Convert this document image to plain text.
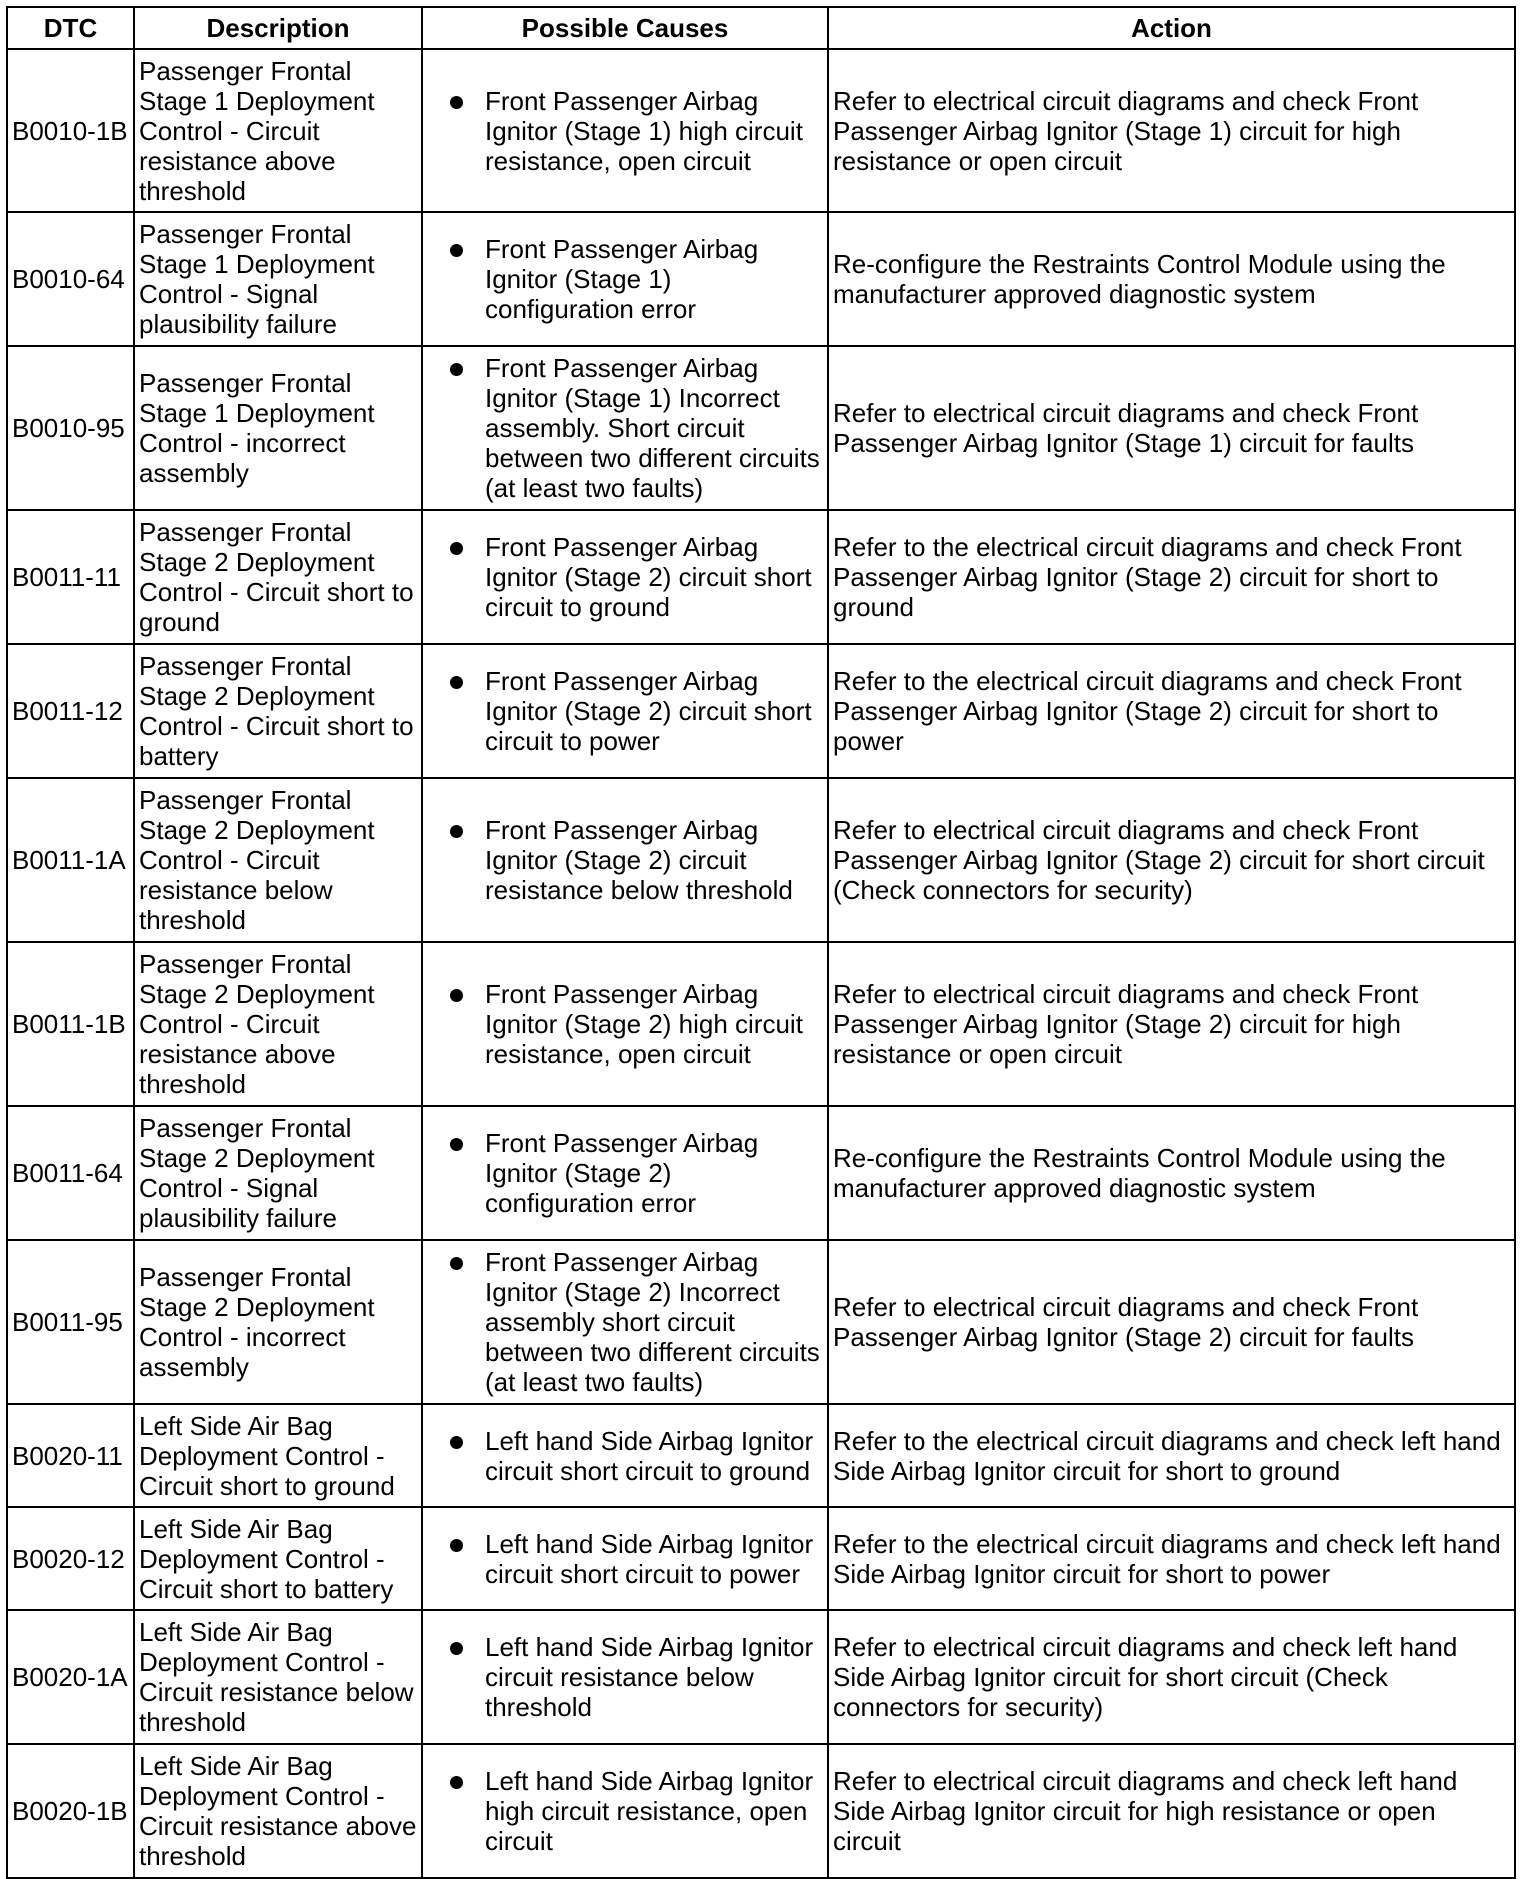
DTC	Description	Possible Causes	Action
B0010-1B	Passenger Frontal Stage 1 Deployment Control - Circuit resistance above threshold	Front Passenger Airbag Ignitor (Stage 1) high circuit resistance, open circuit	Refer to electrical circuit diagrams and check Front Passenger Airbag Ignitor (Stage 1) circuit for high resistance or open circuit
B0010-64	Passenger Frontal Stage 1 Deployment Control - Signal plausibility failure	Front Passenger Airbag Ignitor (Stage 1) configuration error	Re-configure the Restraints Control Module using the manufacturer approved diagnostic system
B0010-95	Passenger Frontal Stage 1 Deployment Control - incorrect assembly	Front Passenger Airbag Ignitor (Stage 1) Incorrect assembly. Short circuit between two different circuits (at least two faults)	Refer to electrical circuit diagrams and check Front Passenger Airbag Ignitor (Stage 1) circuit for faults
B0011-11	Passenger Frontal Stage 2 Deployment Control - Circuit short to ground	Front Passenger Airbag Ignitor (Stage 2) circuit short circuit to ground	Refer to the electrical circuit diagrams and check Front Passenger Airbag Ignitor (Stage 2) circuit for short to ground
B0011-12	Passenger Frontal Stage 2 Deployment Control - Circuit short to battery	Front Passenger Airbag Ignitor (Stage 2) circuit short circuit to power	Refer to the electrical circuit diagrams and check Front Passenger Airbag Ignitor (Stage 2) circuit for short to power
B0011-1A	Passenger Frontal Stage 2 Deployment Control - Circuit resistance below threshold	Front Passenger Airbag Ignitor (Stage 2) circuit resistance below threshold	Refer to electrical circuit diagrams and check Front Passenger Airbag Ignitor (Stage 2) circuit for short circuit (Check connectors for security)
B0011-1B	Passenger Frontal Stage 2 Deployment Control - Circuit resistance above threshold	Front Passenger Airbag Ignitor (Stage 2) high circuit resistance, open circuit	Refer to electrical circuit diagrams and check Front Passenger Airbag Ignitor (Stage 2) circuit for high resistance or open circuit
B0011-64	Passenger Frontal Stage 2 Deployment Control - Signal plausibility failure	Front Passenger Airbag Ignitor (Stage 2) configuration error	Re-configure the Restraints Control Module using the manufacturer approved diagnostic system
B0011-95	Passenger Frontal Stage 2 Deployment Control - incorrect assembly	Front Passenger Airbag Ignitor (Stage 2) Incorrect assembly short circuit between two different circuits (at least two faults)	Refer to electrical circuit diagrams and check Front Passenger Airbag Ignitor (Stage 2) circuit for faults
B0020-11	Left Side Air Bag Deployment Control - Circuit short to ground	Left hand Side Airbag Ignitor circuit short circuit to ground	Refer to the electrical circuit diagrams and check left hand Side Airbag Ignitor circuit for short to ground
B0020-12	Left Side Air Bag Deployment Control - Circuit short to battery	Left hand Side Airbag Ignitor circuit short circuit to power	Refer to the electrical circuit diagrams and check left hand Side Airbag Ignitor circuit for short to power
B0020-1A	Left Side Air Bag Deployment Control - Circuit resistance below threshold	Left hand Side Airbag Ignitor circuit resistance below threshold	Refer to electrical circuit diagrams and check left hand Side Airbag Ignitor circuit for short circuit (Check connectors for security)
B0020-1B	Left Side Air Bag Deployment Control - Circuit resistance above threshold	Left hand Side Airbag Ignitor high circuit resistance, open circuit	Refer to electrical circuit diagrams and check left hand Side Airbag Ignitor circuit for high resistance or open circuit
